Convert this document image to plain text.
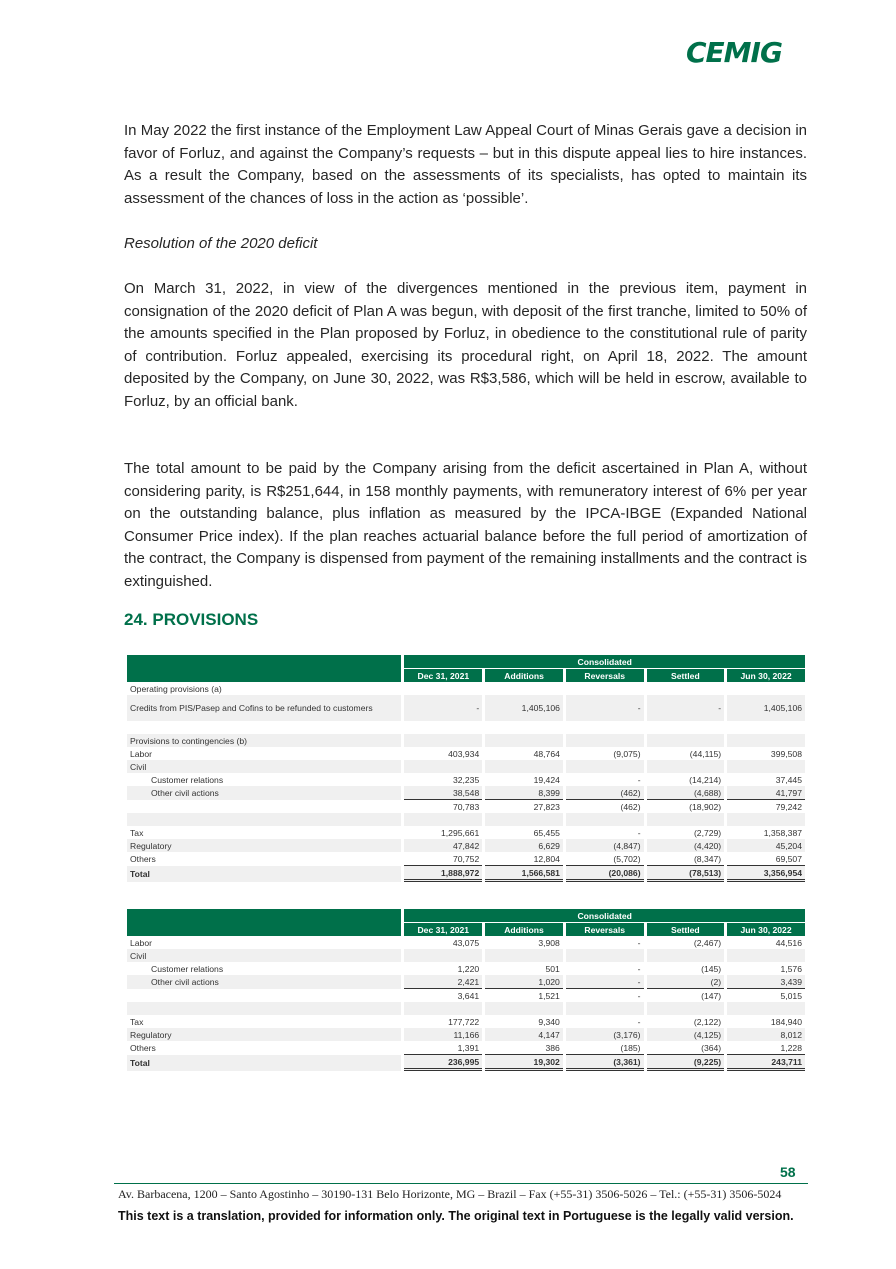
CEMIG
In May 2022 the first instance of the Employment Law Appeal Court of Minas Gerais gave a decision in favor of Forluz, and against the Company’s requests – but in this dispute appeal lies to hire instances. As a result the Company, based on the assessments of its specialists, has opted to maintain its assessment of the chances of loss in the action as ‘possible’.
Resolution of the 2020 deficit
On March 31, 2022, in view of the divergences mentioned in the previous item, payment in consignation of the 2020 deficit of Plan A was begun, with deposit of the first tranche, limited to 50% of the amounts specified in the Plan proposed by Forluz, in obedience to the constitutional rule of parity of contribution. Forluz appealed, exercising its procedural right, on April 18, 2022. The amount deposited by the Company, on June 30, 2022, was R$3,586, which will be held in escrow, available to Forluz, by an official bank.
The total amount to be paid by the Company arising from the deficit ascertained in Plan A, without considering parity, is R$251,644, in 158 monthly payments, with remuneratory interest of 6% per year on the outstanding balance, plus inflation as measured by the IPCA-IBGE (Expanded National Consumer Price index). If the plan reaches actuarial balance before the full period of amortization of the contract, the Company is dispensed from payment of the remaining installments and the contract is extinguished.
24. PROVISIONS
	Consolidated				
	Dec 31, 2021	Additions	Reversals	Settled	Jun 30, 2022
Operating provisions (a)					
Credits from PIS/Pasep and Cofins to be refunded to customers	-	1,405,106	-	-	1,405,106

Provisions to contingencies (b)					
Labor	403,934	48,764	(9,075)	(44,115)	399,508
Civil					
Customer relations	32,235	19,424	-	(14,214)	37,445
Other civil actions	38,548	8,399	(462)	(4,688)	41,797
	70,783	27,823	(462)	(18,902)	79,242

Tax	1,295,661	65,455	-	(2,729)	1,358,387
Regulatory	47,842	6,629	(4,847)	(4,420)	45,204
Others	70,752	12,804	(5,702)	(8,347)	69,507
Total	1,888,972	1,566,581	(20,086)	(78,513)	3,356,954
	Consolidated				
	Dec 31, 2021	Additions	Reversals	Settled	Jun 30, 2022
Labor	43,075	3,908	-	(2,467)	44,516
Civil					
Customer relations	1,220	501	-	(145)	1,576
Other civil actions	2,421	1,020	-	(2)	3,439
	3,641	1,521	-	(147)	5,015

Tax	177,722	9,340	-	(2,122)	184,940
Regulatory	11,166	4,147	(3,176)	(4,125)	8,012
Others	1,391	386	(185)	(364)	1,228
Total	236,995	19,302	(3,361)	(9,225)	243,711
58
Av. Barbacena, 1200 – Santo Agostinho – 30190-131 Belo Horizonte, MG – Brazil – Fax (+55-31) 3506-5026 – Tel.: (+55-31) 3506-5024
This text is a translation, provided for information only. The original text in Portuguese is the legally valid version.
